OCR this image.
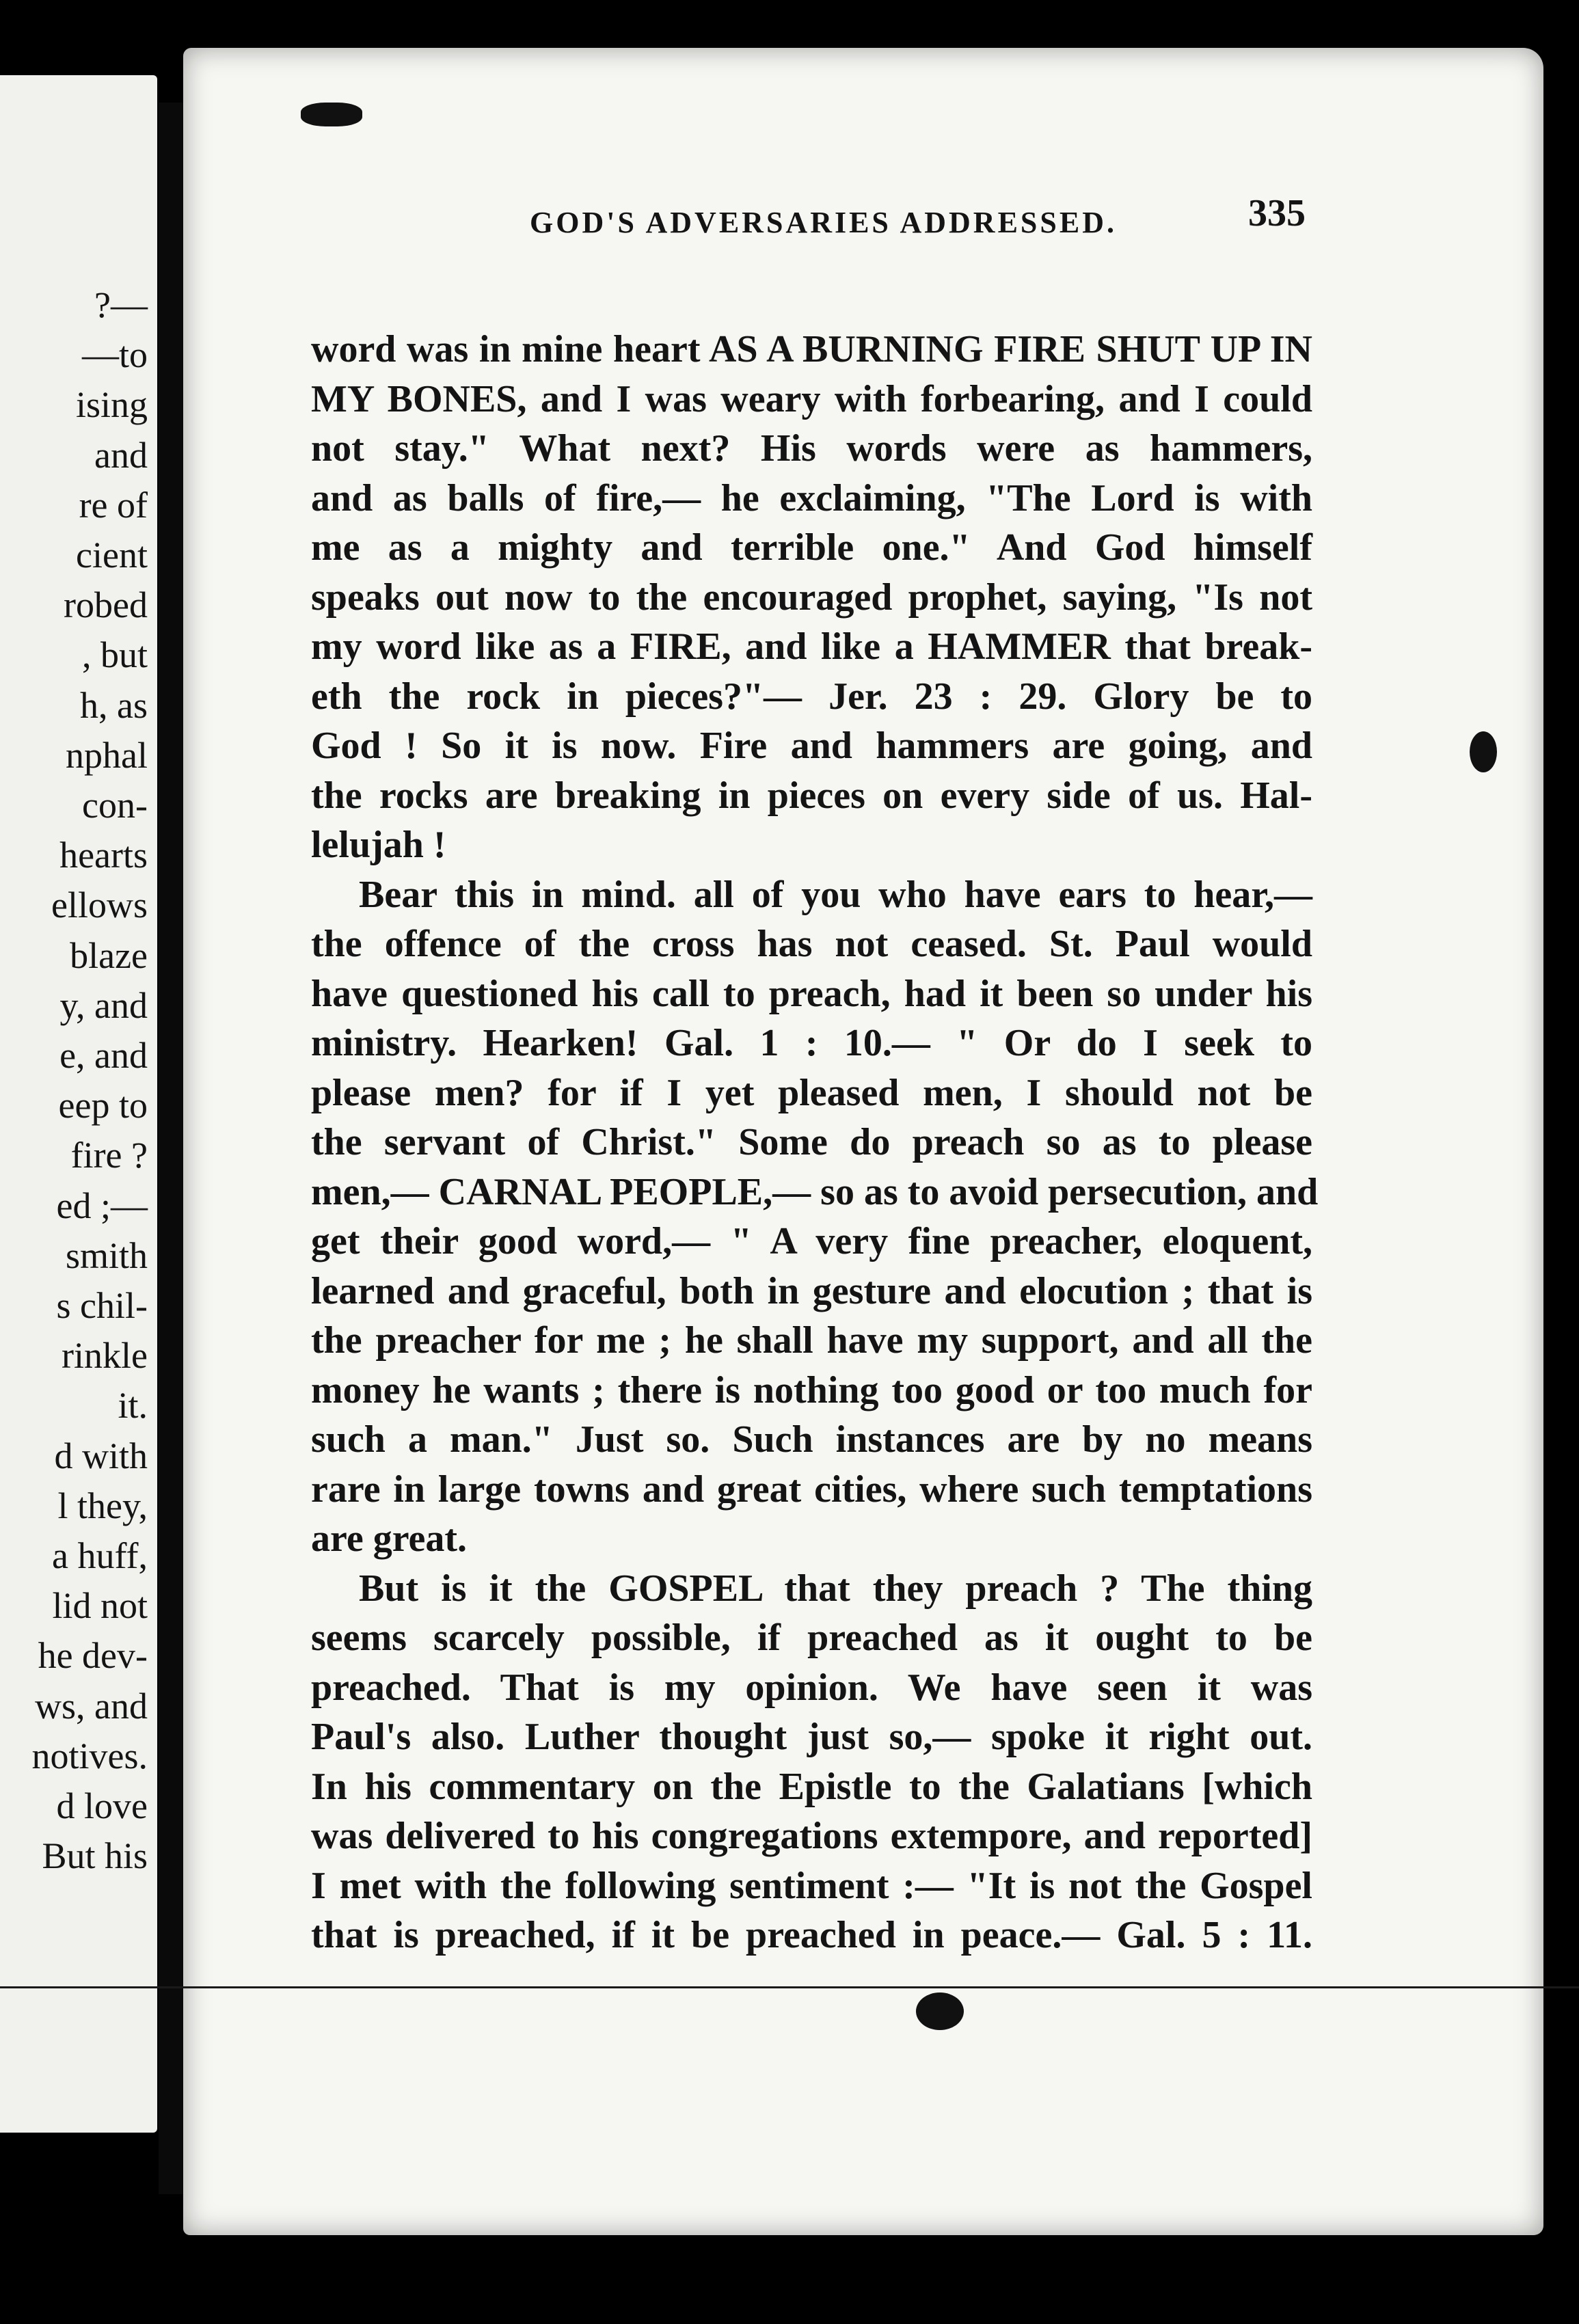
?—
—to
ising
and
re of
cient
robed
, but
h, as
nphal
con-
hearts
ellows
blaze
y, and
e, and
eep to
fire ?
ed ;—
smith
s chil-
rinkle
it.
d with
l they,
a huff,
lid not
he dev-
ws, and
notives.
d love
But his
GOD'S ADVERSARIES ADDRESSED.	335
word was in mine heart AS A BURNING FIRE SHUT UP IN
MY BONES, and I was weary with forbearing, and I could
not stay." What next? His words were as hammers,
and as balls of fire,— he exclaiming, "The Lord is with
me as a mighty and terrible one." And God himself
speaks out now to the encouraged prophet, saying, "Is not
my word like as a FIRE, and like a HAMMER that break-
eth the rock in pieces?"— Jer. 23 : 29. Glory be to
God ! So it is now. Fire and hammers are going, and
the rocks are breaking in pieces on every side of us. Hal-
lelujah !
Bear this in mind. all of you who have ears to hear,—
the offence of the cross has not ceased. St. Paul would
have questioned his call to preach, had it been so under his
ministry. Hearken! Gal. 1 : 10.— " Or do I seek to
please men? for if I yet pleased men, I should not be
the servant of Christ." Some do preach so as to please
men,— CARNAL PEOPLE,— so as to avoid persecution, and
get their good word,— " A very fine preacher, eloquent,
learned and graceful, both in gesture and elocution ; that is
the preacher for me ; he shall have my support, and all the
money he wants ; there is nothing too good or too much for
such a man." Just so. Such instances are by no means
rare in large towns and great cities, where such temptations
are great.
But is it the GOSPEL that they preach ? The thing
seems scarcely possible, if preached as it ought to be
preached. That is my opinion. We have seen it was
Paul's also. Luther thought just so,— spoke it right out.
In his commentary on the Epistle to the Galatians [which
was delivered to his congregations extempore, and reported]
I met with the following sentiment :— "It is not the Gospel
that is preached, if it be preached in peace.— Gal. 5 : 11.
